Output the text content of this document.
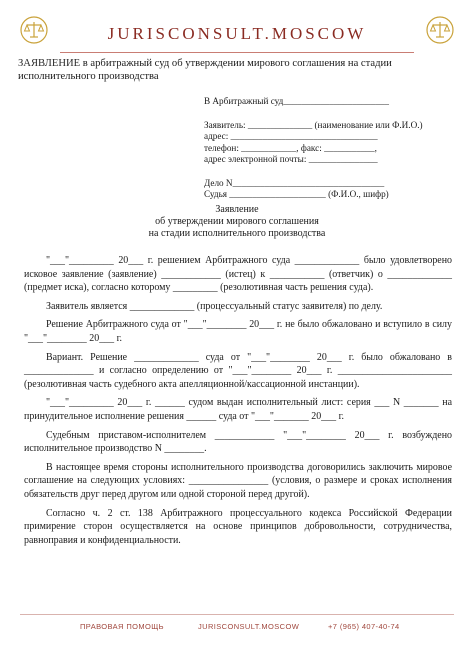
JURISCONSULT.MOSCOW
ЗАЯВЛЕНИЕ в арбитражный суд об утверждении мирового соглашения на стадии исполнительного производства
В Арбитражный суд_______________________
Заявитель: ______________ (наименование или Ф.И.О.)
адрес: ________________________________
телефон: ____________, факс: ___________,
адрес электронной почты: _______________
Дело N_________________________________
Судья _____________________ (Ф.И.О., шифр)
Заявление
об утверждении мирового соглашения
на стадии исполнительного производства

"___"_________ 20___ г. решением Арбитражного суда _____________ было удовлетворено исковое заявление (заявление) ____________ (истец) к ___________ (ответчик) о _____________ (предмет иска), согласно которому _________ (резолютивная часть решения суда).

Заявитель является _____________ (процессуальный статус заявителя) по делу.

Решение Арбитражного суда от "___"________ 20___ г. не было обжаловано и вступило в силу "___"________ 20___ г.

Вариант. Решение _____________ суда от "___"________ 20___ г. было обжаловано в ______________ и согласно определению от "___"________ 20___ г. _______________________ (резолютивная часть судебного акта апелляционной/кассационной инстанции).

"___"_________ 20___ г. ______ судом выдан исполнительный лист: серия ___ N _______ на принудительное исполнение решения ______ суда от "___"_______ 20___ г.

Судебным приставом-исполнителем ____________ "___"________ 20___ г. возбуждено исполнительное производство N ________.

В настоящее время стороны исполнительного производства договорились заключить мировое соглашение на следующих условиях: ________________ (условия, о размере и сроках исполнения обязательств друг перед другом или одной стороной перед другой).

Согласно ч. 2 ст. 138 Арбитражного процессуального кодекса Российской Федерации примирение сторон осуществляется на основе принципов добровольности, сотрудничества, равноправия и конфиденциальности.

ПРАВОВАЯ ПОМОЩЬ	JURISCONSULT.MOSCOW	+7 (965) 407-40-74
